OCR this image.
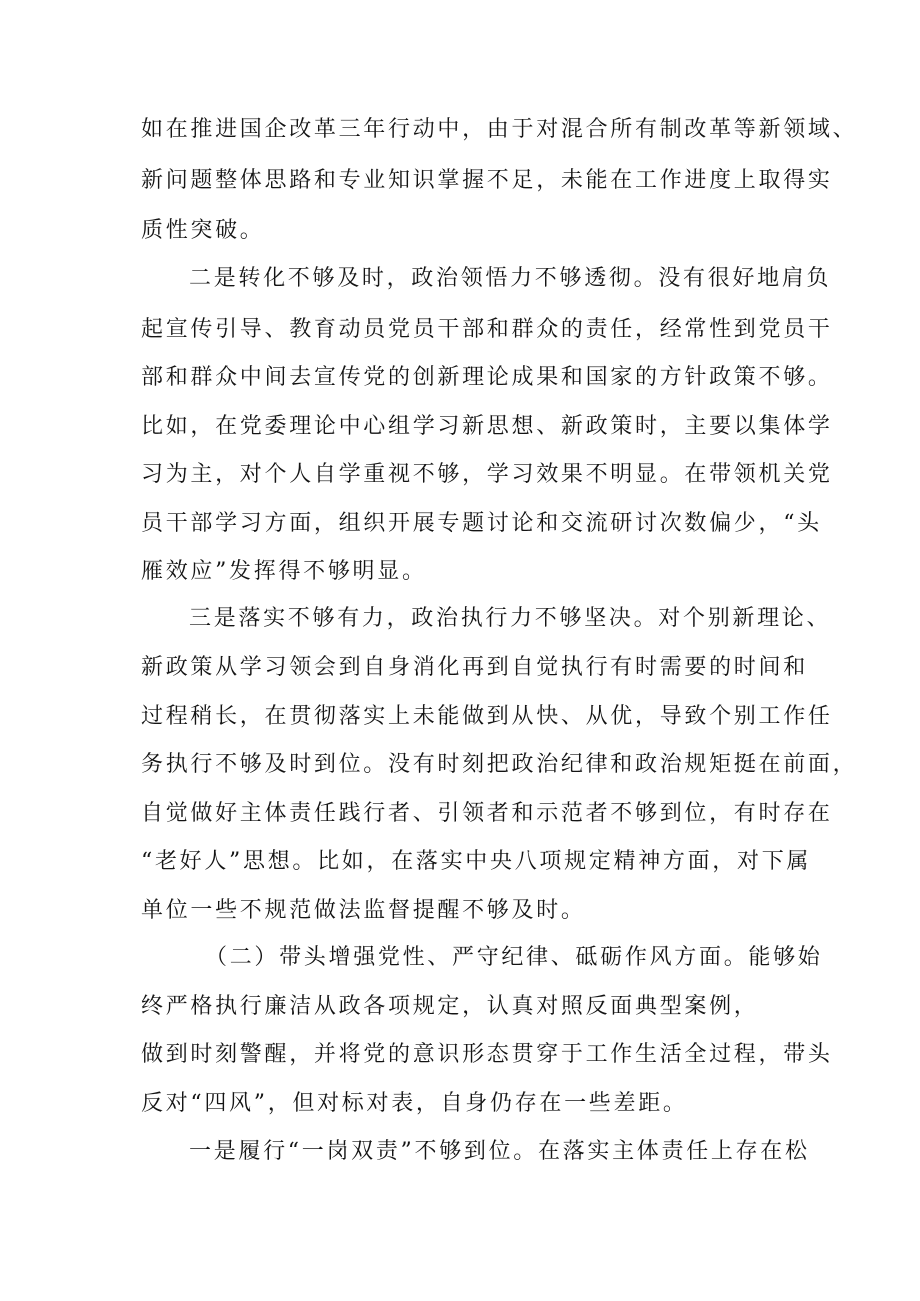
如在推进国企改革三年行动中，由于对混合所有制改革等新领域、

新问题整体思路和专业知识掌握不足，未能在工作进度上取得实

质性突破。

二是转化不够及时，政治领悟力不够透彻。没有很好地肩负

起宣传引导、教育动员党员干部和群众的责任，经常性到党员干

部和群众中间去宣传党的创新理论成果和国家的方针政策不够。

比如，在党委理论中心组学习新思想、新政策时，主要以集体学

习为主，对个人自学重视不够，学习效果不明显。在带领机关党

员干部学习方面，组织开展专题讨论和交流研讨次数偏少，“头

雁效应”发挥得不够明显。

三是落实不够有力，政治执行力不够坚决。对个别新理论、

新政策从学习领会到自身消化再到自觉执行有时需要的时间和

过程稍长，在贯彻落实上未能做到从快、从优，导致个别工作任

务执行不够及时到位。没有时刻把政治纪律和政治规矩挺在前面，

自觉做好主体责任践行者、引领者和示范者不够到位，有时存在

“老好人”思想。比如，在落实中央八项规定精神方面，对下属

单位一些不规范做法监督提醒不够及时。

（二）带头增强党性、严守纪律、砥砺作风方面。能够始

终严格执行廉洁从政各项规定，认真对照反面典型案例，

做到时刻警醒，并将党的意识形态贯穿于工作生活全过程，带头

反对“四风”，但对标对表，自身仍存在一些差距。

一是履行“一岗双责”不够到位。在落实主体责任上存在松
